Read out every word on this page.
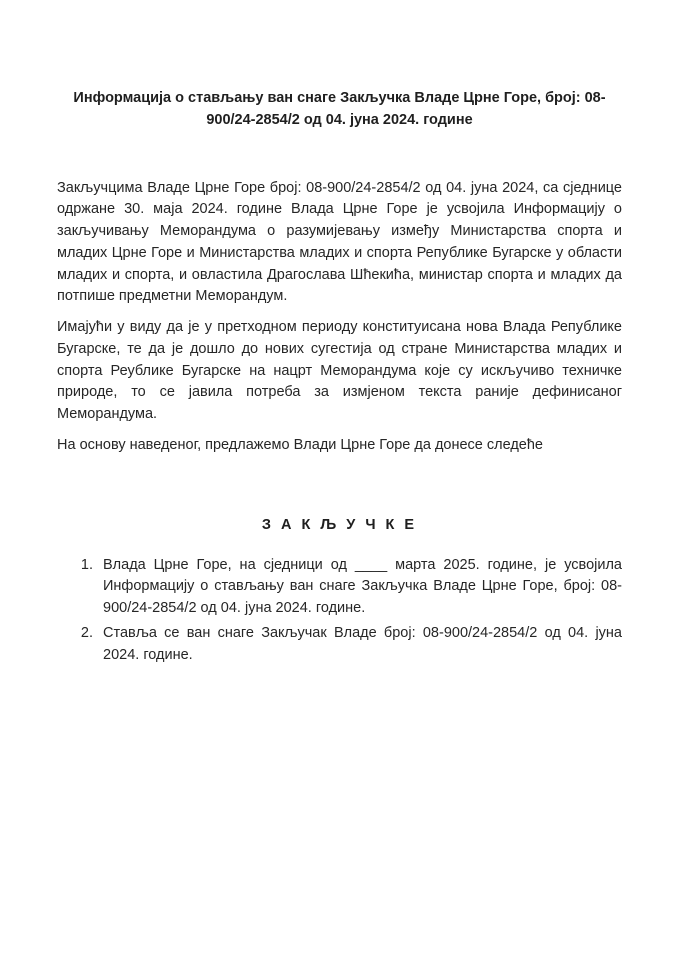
Информација о стављању ван снаге Закључка Владе Црне Горе, број: 08-900/24-2854/2 од 04. јуна 2024. године

Закључцима Владе Црне Горе број: 08-900/24-2854/2 од 04. јуна 2024, са сједнице одржане 30. маја 2024. године Влада Црне Горе је усвојила Информацију о закључивању Меморандума о разумијевању између Министарства спорта и младих Црне Горе и Министарства младих и спорта Републике Бугарске у области младих и спорта, и овластила Драгослава Шћекића, министар спорта и младих да потпише предметни Меморандум.

Имајући у виду да је у претходном периоду конституисана нова Влада Републике Бугарске, те да је дошло до нових сугестија од стране Министарства младих и спорта Реублике Бугарске на нацрт Меморандума које су искључиво техничке природе, то се јавила потреба за измјеном текста раније дефинисаног Меморандума.

На основу наведеног, предлажемо Влади Црне Горе да донесе следеће

З А К Љ У Ч К Е
1. Влада Црне Горе, на сједници од ____ марта 2025. године, је усвојила Информацију о стављању ван снаге Закључка Владе Црне Горе, број: 08-900/24-2854/2 од 04. јуна 2024. године.
2. Ставља се ван снаге Закључак Владе број: 08-900/24-2854/2 од 04. јуна 2024. године.
